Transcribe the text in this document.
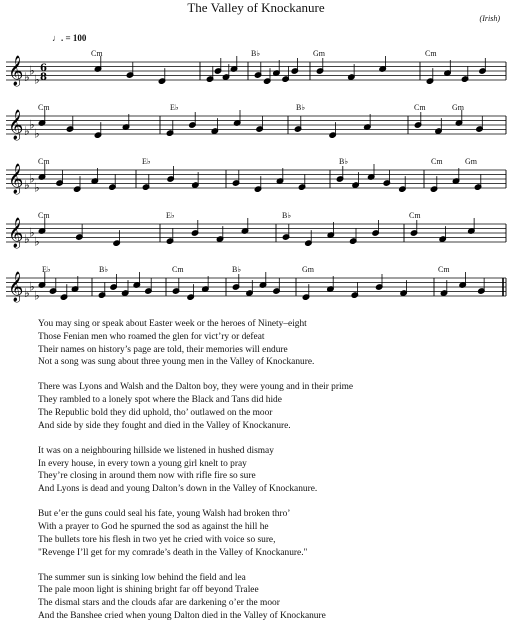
The Valley of Knockanure
(Irish)
♩. = 100
Cm	B♭	Gm	Cm
Cm	E♭	B♭	Cm	Gm
Cm	E♭	B♭	Cm	Gm
Cm	E♭	B♭	Cm
E♭	B♭	Cm	B♭	Gm	Cm
𝄞 ♭ ♭
♭
𝄞 ♭ ♭
♭
𝄞 ♭ ♭
♭
𝄞 ♭ ♭
♭
𝄞 ♭ ♭
♭
6
8
You may sing or speak about Easter week or the heroes of Ninety–eight
Those Fenian men who roamed the glen for vict’ry or defeat
Their names on history’s page are told, their memories will endure
Not a song was sung about three young men in the Valley of Knockanure.
There was Lyons and Walsh and the Dalton boy, they were young and in their prime
They rambled to a lonely spot where the Black and Tans did hide
The Republic bold they did uphold, tho’ outlawed on the moor
And side by side they fought and died in the Valley of Knockanure.
It was on a neighbouring hillside we listened in hushed dismay
In every house, in every town a young girl knelt to pray
They’re closing in around them now with rifle fire so sure
And Lyons is dead and young Dalton’s down in the Valley of Knockanure.
But e’er the guns could seal his fate, young Walsh had broken thro’
With a prayer to God he spurned the sod as against the hill he
The bullets tore his flesh in two yet he cried with voice so sure,
"Revenge I’ll get for my comrade’s death in the Valley of Knockanure."
The summer sun is sinking low behind the field and lea
The pale moon light is shining bright far off beyond Tralee
The dismal stars and the clouds afar are darkening o’er the moor
And the Banshee cried when young Dalton died in the Valley of Knockanure
